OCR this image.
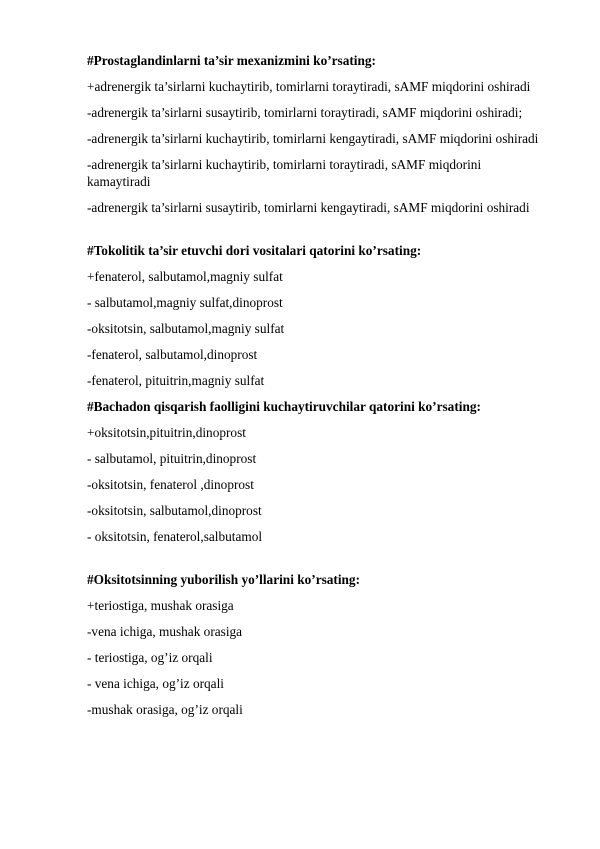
#Prostaglandinlarni ta’sir mexanizmini ko’rsating:
+adrenergik ta’sirlarni kuchaytirib, tomirlarni toraytiradi, sAMF miqdorini oshiradi
-adrenergik ta’sirlarni susaytirib, tomirlarni toraytiradi, sAMF miqdorini oshiradi;
-adrenergik ta’sirlarni kuchaytirib, tomirlarni kengaytiradi, sAMF miqdorini oshiradi
-adrenergik ta’sirlarni kuchaytirib, tomirlarni toraytiradi, sAMF miqdorini kamaytiradi
-adrenergik ta’sirlarni susaytirib, tomirlarni kengaytiradi, sAMF miqdorini oshiradi
#Tokolitik ta’sir etuvchi dori vositalari qatorini ko’rsating:
+fenaterol, salbutamol,magniy sulfat
- salbutamol,magniy sulfat,dinoprost
-oksitotsin, salbutamol,magniy sulfat
-fenaterol, salbutamol,dinoprost
-fenaterol, pituitrin,magniy sulfat
#Bachadon qisqarish faolligini kuchaytiruvchilar qatorini ko’rsating:
+oksitotsin,pituitrin,dinoprost
- salbutamol, pituitrin,dinoprost
-oksitotsin, fenaterol ,dinoprost
-oksitotsin, salbutamol,dinoprost
- oksitotsin, fenaterol,salbutamol
#Oksitotsinning yuborilish yo’llarini ko’rsating:
+teriostiga, mushak orasiga
-vena ichiga, mushak orasiga
- teriostiga, og’iz orqali
- vena ichiga, og’iz orqali
-mushak orasiga, og’iz orqali
